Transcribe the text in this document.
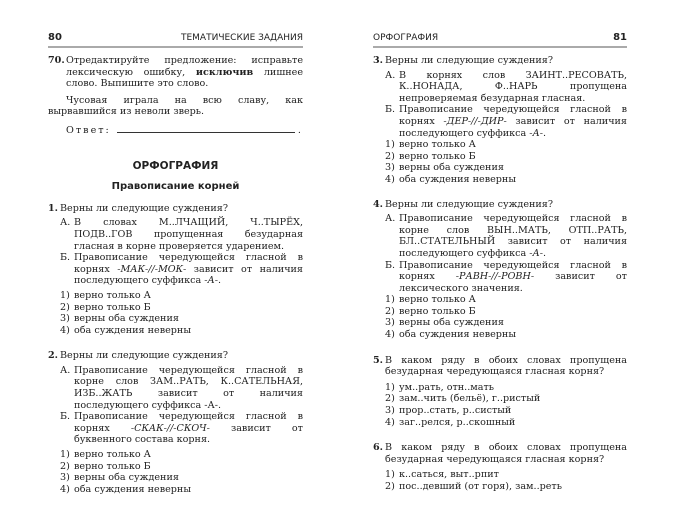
80	ТЕМАТИЧЕСКИЕ ЗАДАНИЯ
70. Отредактируйте предложение: исправьте лексическую ошибку, исключив лишнее слово. Выпишите это слово.

Чусовая играла на всю славу, как вырвавшийся из неволи зверь.

Ответ:	.
ОРФОГРАФИЯ
Правописание корней
1. Верны ли следующие суждения?

А. В словах М..ЛЧАЩИЙ, Ч..ТЫРЁХ, ПОДВ..ГОВ пропущенная безударная гласная в корне проверяется ударением.

Б. Правописание чередующейся гласной в корнях -МАК-//-МОК- зависит от наличия последующего суффикса -А-.

1) верно только А
2) верно только Б
3) верны оба суждения
4) оба суждения неверны
2. Верны ли следующие суждения?

А. Правописание чередующейся гласной в корне слов ЗАМ..РАТЬ, К..САТЕЛЬНАЯ, ИЗБ..ЖАТЬ зависит от наличия последующего суффикса -А-.

Б. Правописание чередующейся гласной в корнях -СКАК-//-СКОЧ- зависит от буквенного состава корня.

1) верно только А
2) верно только Б
3) верны оба суждения
4) оба суждения неверны
ОРФОГРАФИЯ	81
3. Верны ли следующие суждения?

А. В корнях слов ЗАИНТ..РЕСОВАТЬ, К..НОНАДА, Ф..НАРЬ пропущена непроверяемая безударная гласная.

Б. Правописание чередующейся гласной в корнях -ДЕР-//-ДИР- зависит от наличия последующего суффикса -А-.

1) верно только А
2) верно только Б
3) верны оба суждения
4) оба суждения неверны
4. Верны ли следующие суждения?

А. Правописание чередующейся гласной в корне слов ВЫН..МАТЬ, ОТП..РАТЬ, БЛ..СТАТЕЛЬНЫЙ зависит от наличия последующего суффикса -А-.

Б. Правописание чередующейся гласной в корнях -РАВН-//-РОВН- зависит от лексического значения.

1) верно только А
2) верно только Б
3) верны оба суждения
4) оба суждения неверны
5. В каком ряду в обоих словах пропущена безударная чередующаяся гласная корня?

1) ум..рать, отн..мать
2) зам..чить (бельё), г..ристый
3) прор..стать, р..систый
4) заг..релся, р..скошный
6. В каком ряду в обоих словах пропущена безударная чередующаяся гласная корня?

1) к..саться, выт..рпит
2) пос..девший (от горя), зам..реть
